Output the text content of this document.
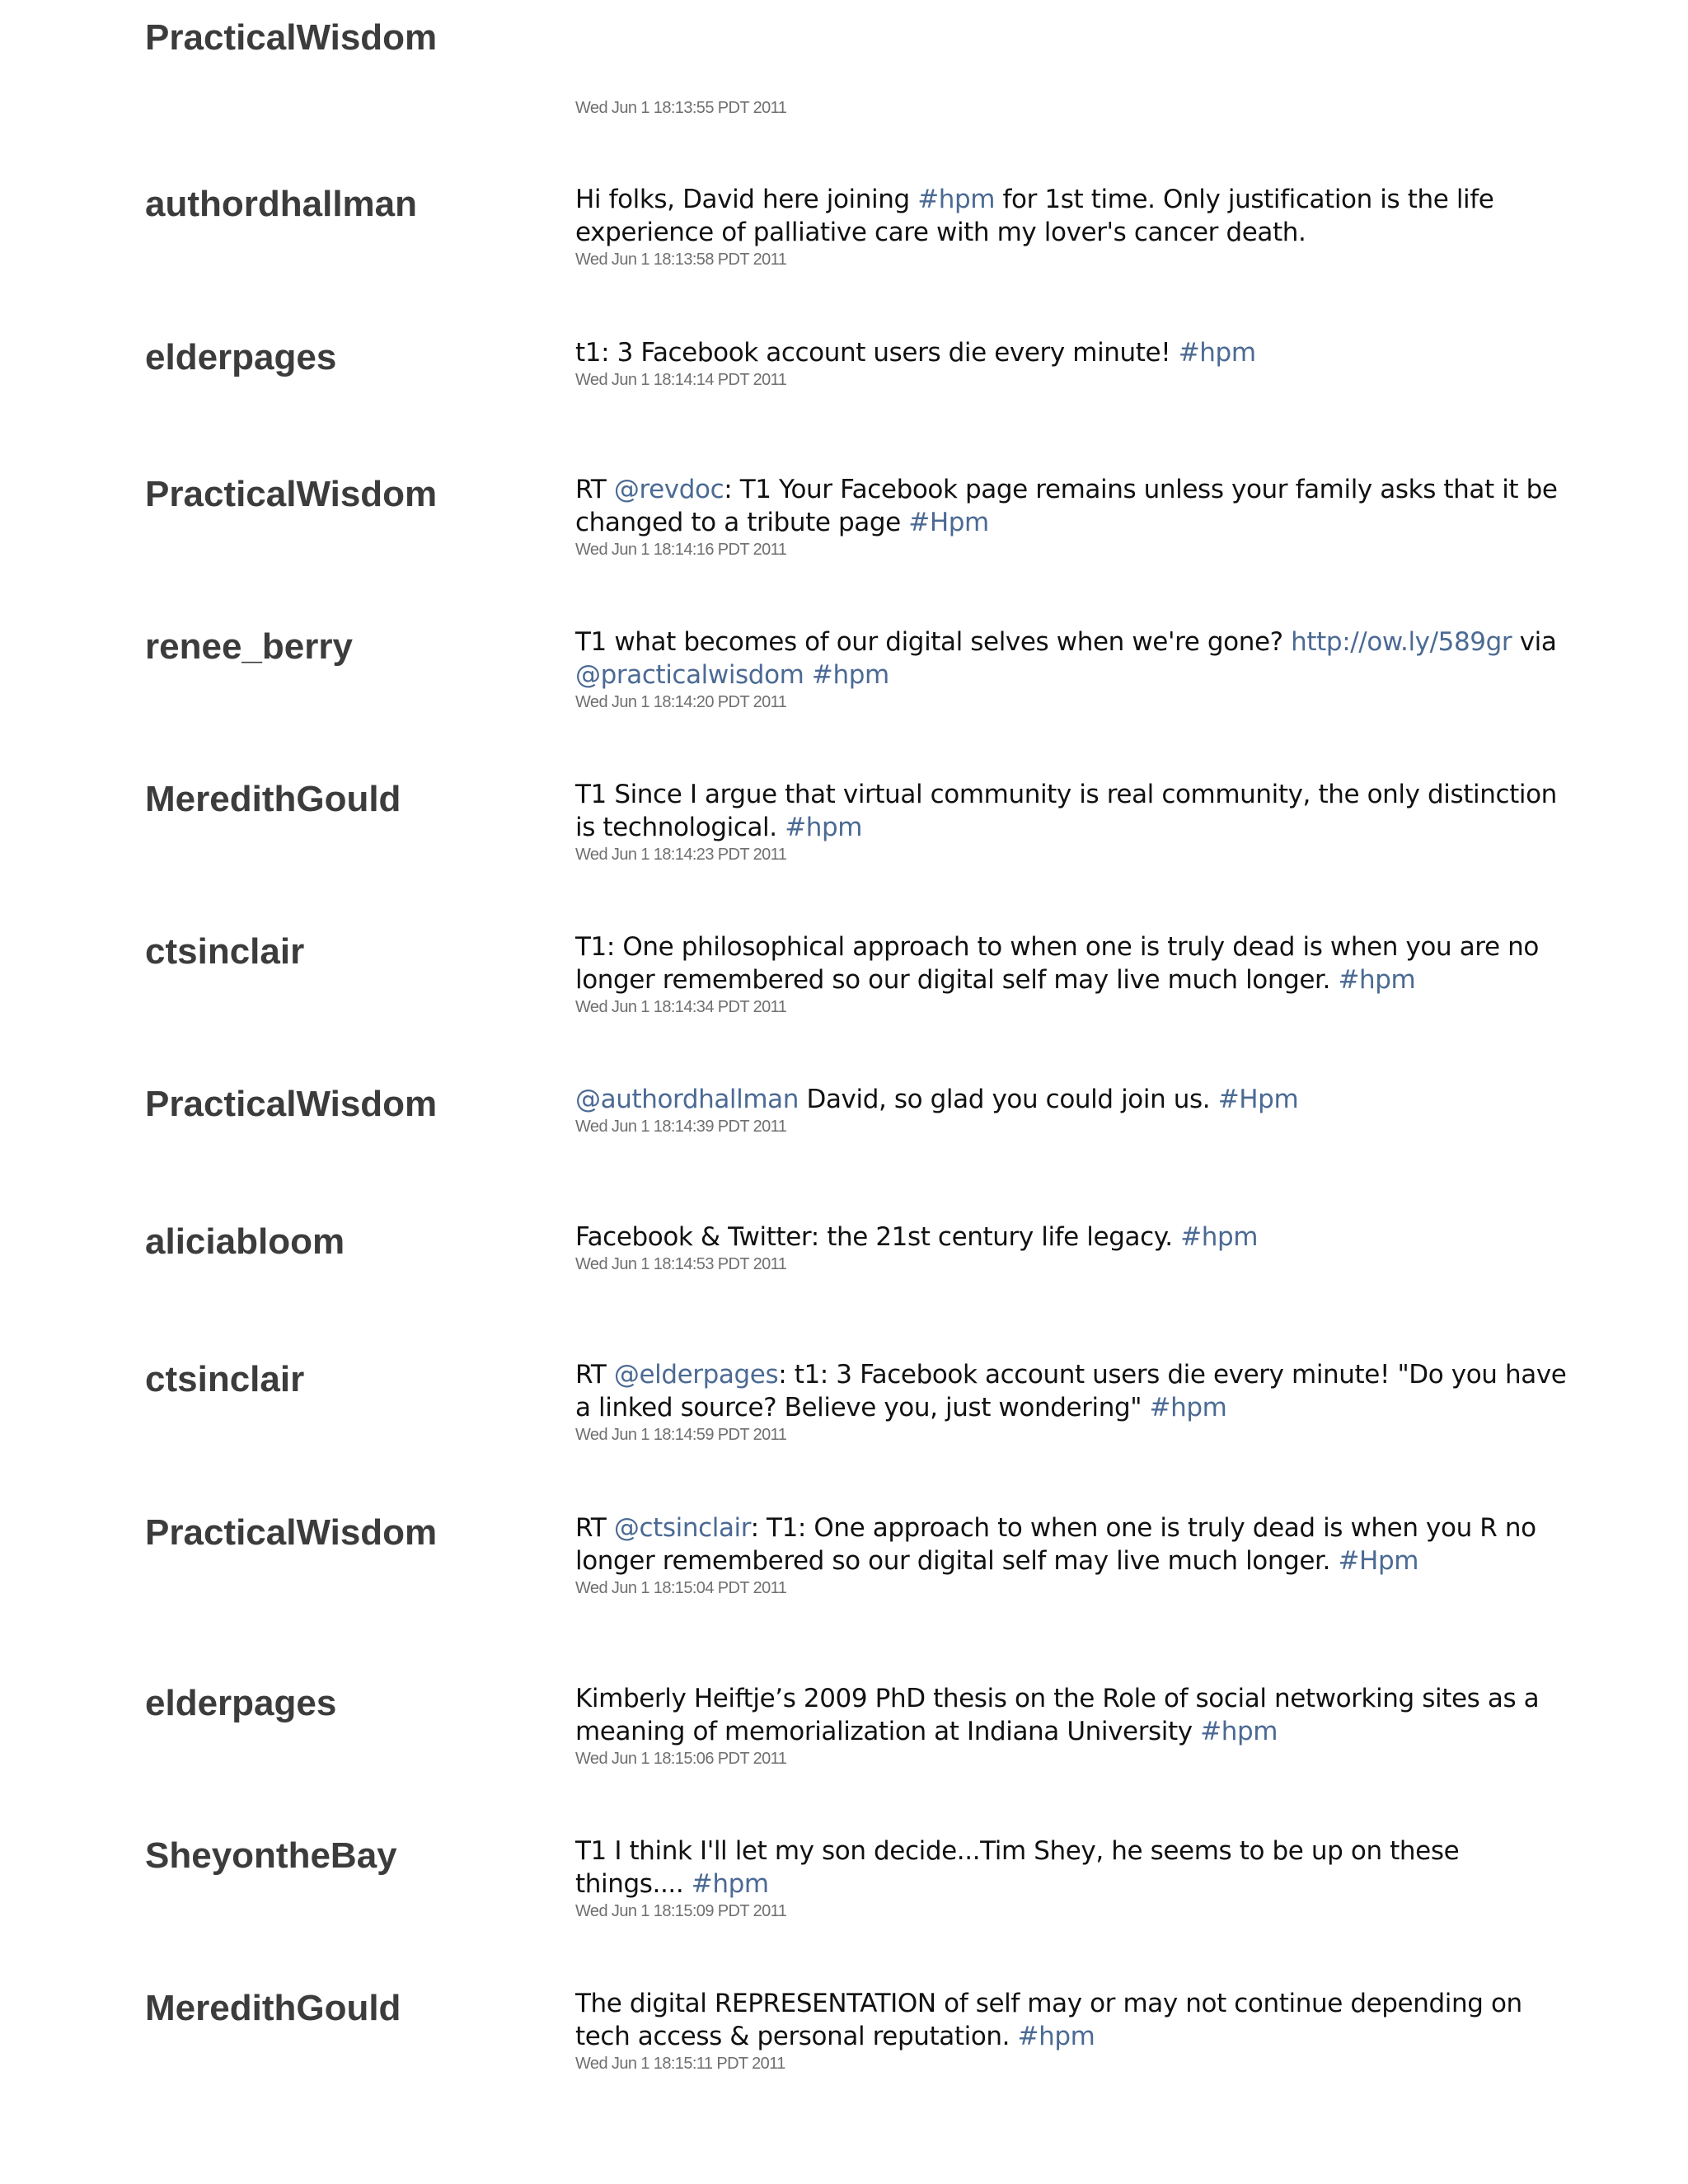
PracticalWisdom
Wed Jun 1 18:13:55 PDT 2011
authordhallman	Hi folks, David here joining #hpm for 1st time. Only justification is the life experience of palliative care with my lover's cancer death.
Wed Jun 1 18:13:58 PDT 2011
elderpages	t1: 3 Facebook account users die every minute! #hpm
Wed Jun 1 18:14:14 PDT 2011
PracticalWisdom	RT @revdoc: T1 Your Facebook page remains unless your family asks that it be changed to a tribute page #Hpm
Wed Jun 1 18:14:16 PDT 2011
renee_berry	T1 what becomes of our digital selves when we're gone? http://ow.ly/589gr via @practicalwisdom #hpm
Wed Jun 1 18:14:20 PDT 2011
MeredithGould	T1 Since I argue that virtual community is real community, the only distinction is technological. #hpm
Wed Jun 1 18:14:23 PDT 2011
ctsinclair	T1: One philosophical approach to when one is truly dead is when you are no longer remembered so our digital self may live much longer. #hpm
Wed Jun 1 18:14:34 PDT 2011
PracticalWisdom	@authordhallman David, so glad you could join us. #Hpm
Wed Jun 1 18:14:39 PDT 2011
aliciabloom	Facebook & Twitter: the 21st century life legacy. #hpm
Wed Jun 1 18:14:53 PDT 2011
ctsinclair	RT @elderpages: t1: 3 Facebook account users die every minute! "Do you have a linked source? Believe you, just wondering" #hpm
Wed Jun 1 18:14:59 PDT 2011
PracticalWisdom	RT @ctsinclair: T1: One approach to when one is truly dead is when you R no longer remembered so our digital self may live much longer. #Hpm
Wed Jun 1 18:15:04 PDT 2011
elderpages	Kimberly Heiftje’s 2009 PhD thesis on the Role of social networking sites as a meaning of memorialization at Indiana University #hpm
Wed Jun 1 18:15:06 PDT 2011
SheyontheBay	T1 I think I'll let my son decide...Tim Shey, he seems to be up on these things.... #hpm
Wed Jun 1 18:15:09 PDT 2011
MeredithGould	The digital REPRESENTATION of self may or may not continue depending on tech access & personal reputation. #hpm
Wed Jun 1 18:15:11 PDT 2011
